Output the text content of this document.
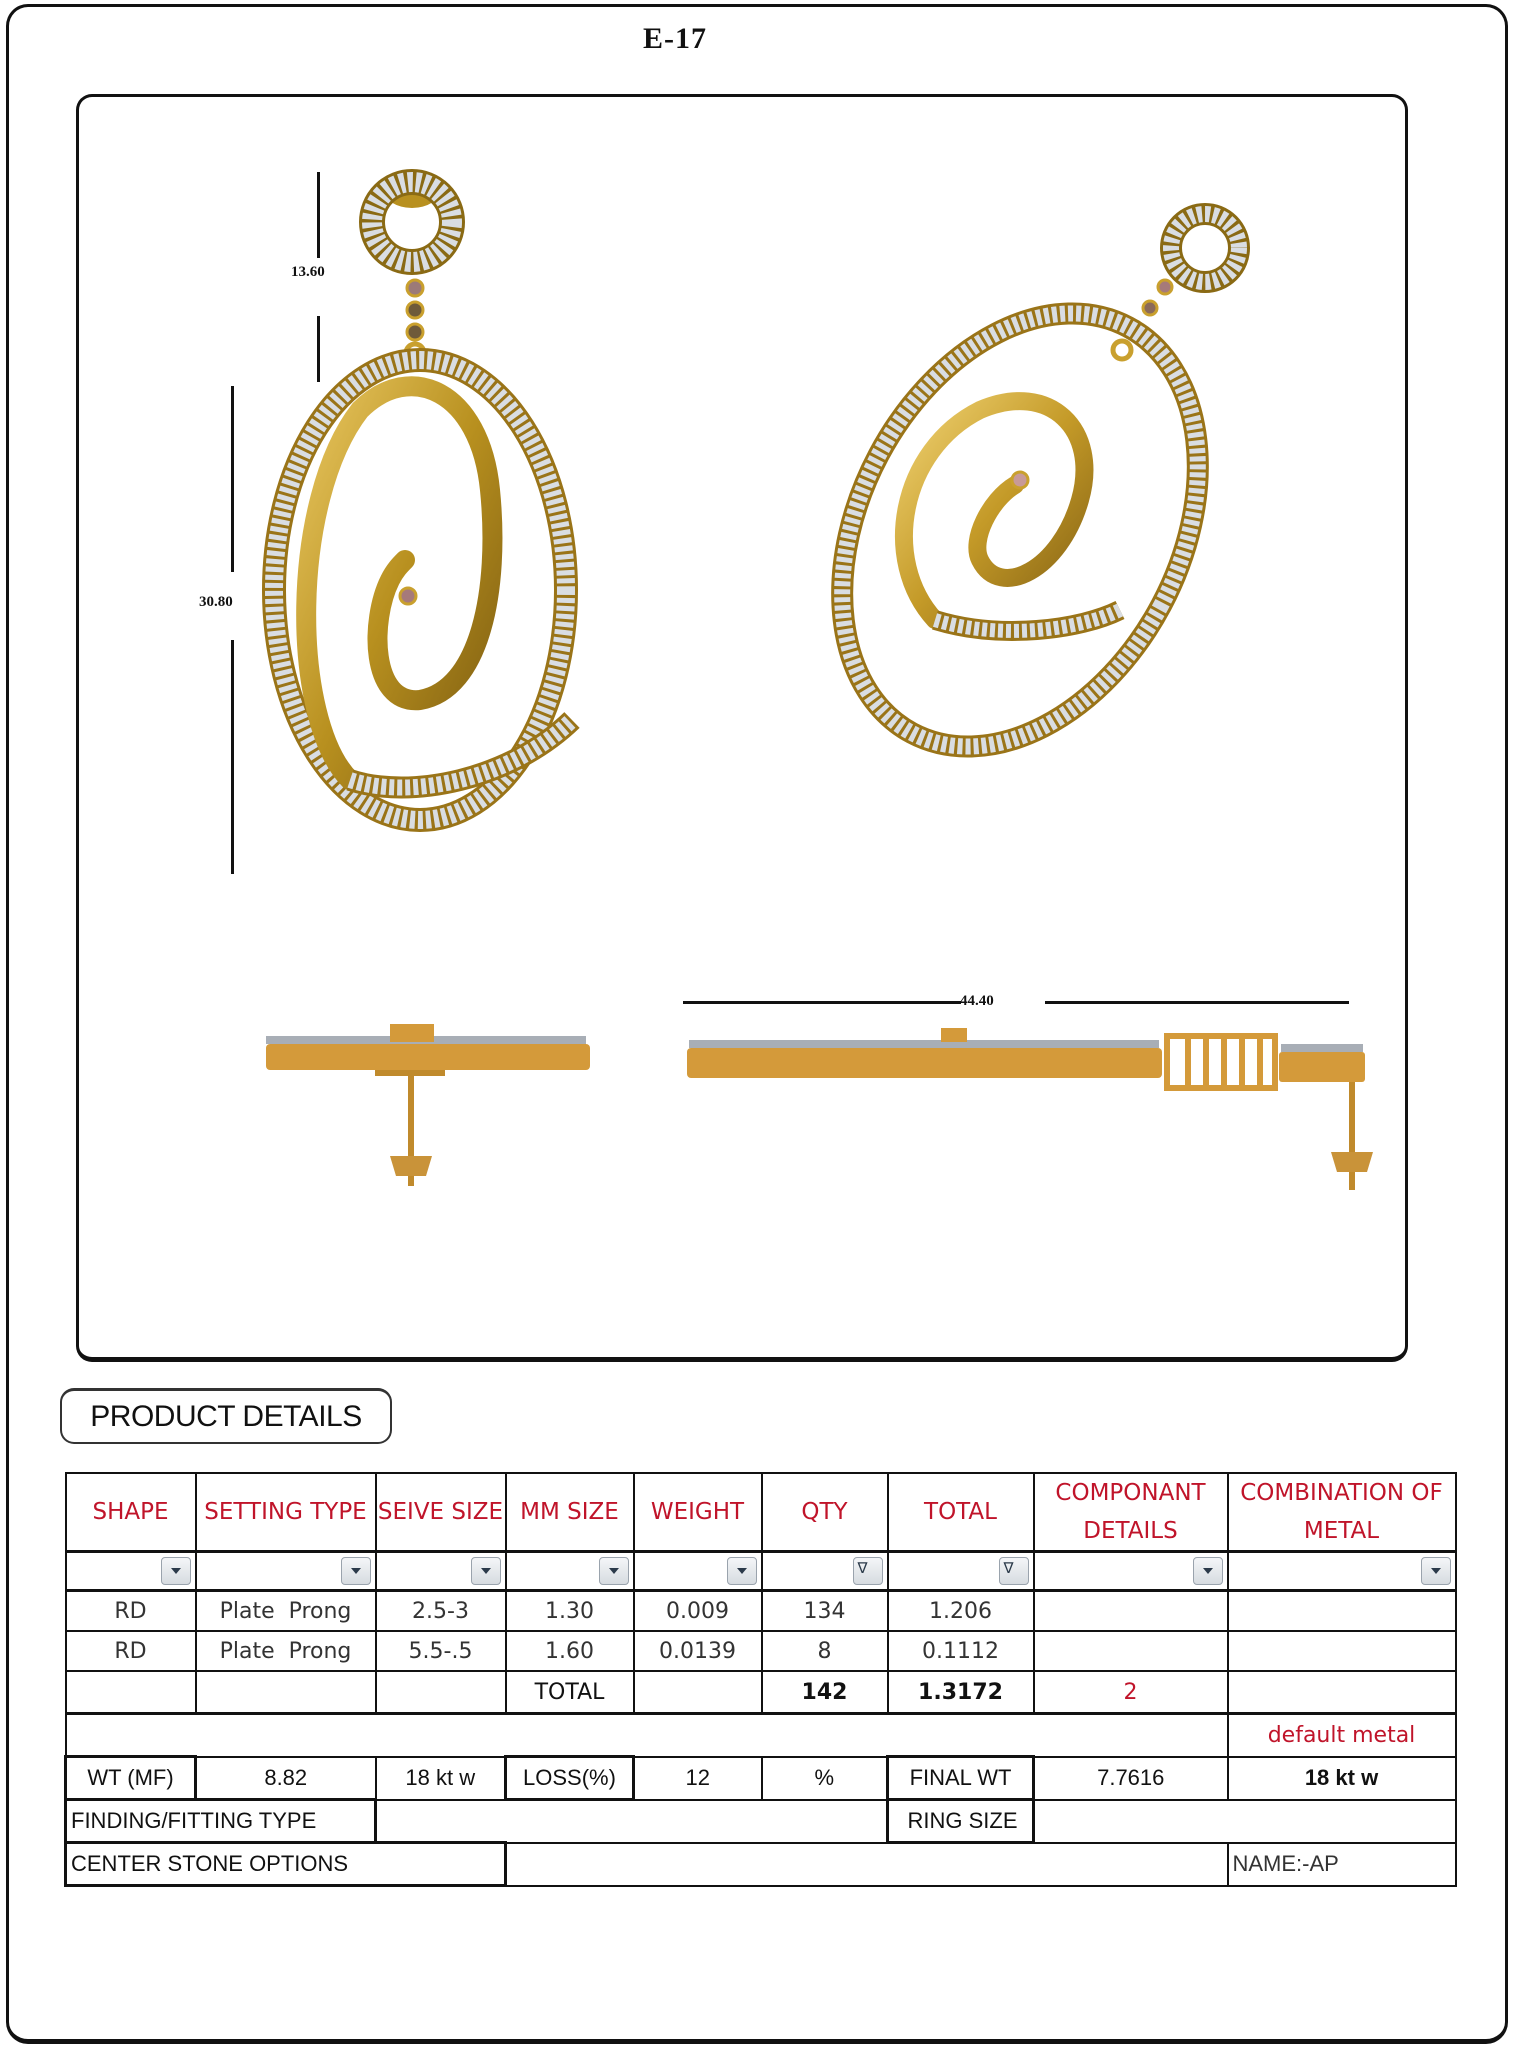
E-17
13.60
30.80
44.40
PRODUCT DETAILS
SHAPE	SETTING TYPE	SEIVE SIZE	MM SIZE	WEIGHT	QTY	TOTAL	COMPONANT DETAILS	COMBINATION OF METAL

					∇	∇		

RD	Plate  Prong	2.5-3	1.30	0.009	134	1.206		
RD	Plate  Prong	5.5-.5	1.60	0.0139	8	0.1112		
			TOTAL		142	1.3172	2	
								default metal
WT (MF)	8.82	18 kt w	LOSS(%)	12	%	FINAL WT	7.7616	18 kt w
FINDING/FITTING TYPE						RING SIZE		
CENTER STONE OPTIONS								NAME:-AP
